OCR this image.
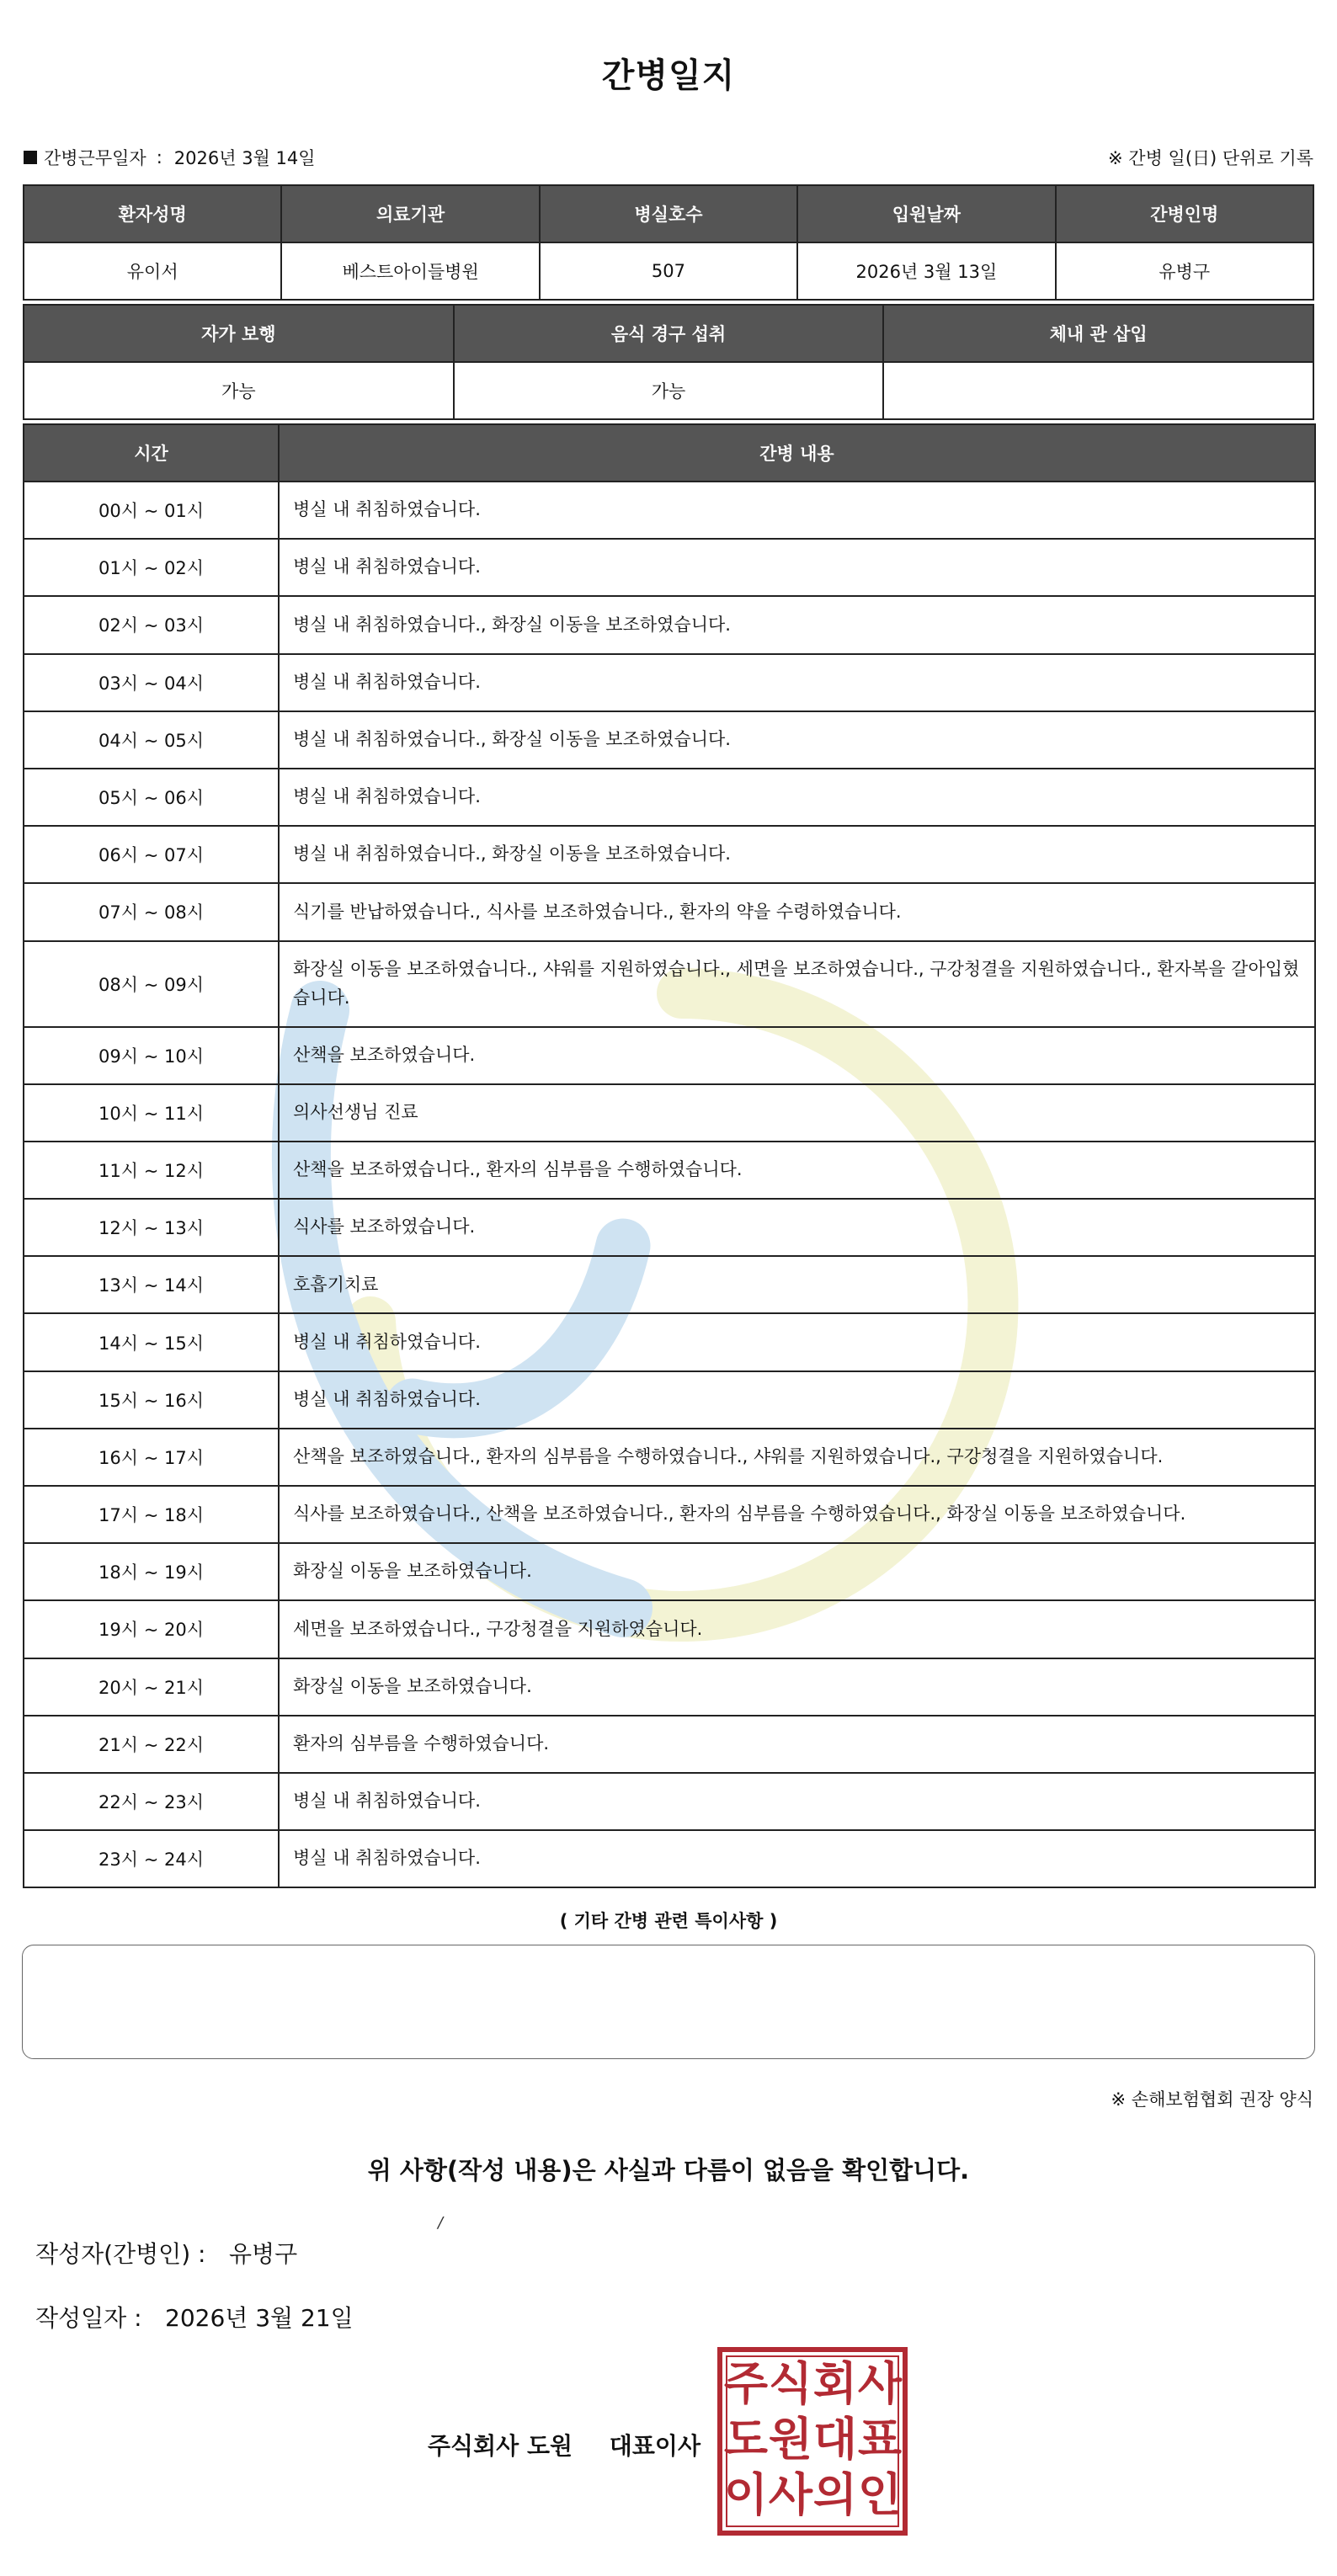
간병일지
간병근무일자 : 2026년 3월 14일	※ 간병 일(日) 단위로 기록
환자성명	의료기관	병실호수	입원날짜	간병인명
유이서	베스트아이들병원	507	2026년 3월 13일	유병구
자가 보행	음식 경구 섭취	체내 관 삽입
가능	가능	
시간	간병 내용
00시 ~ 01시	병실 내 취침하였습니다.
01시 ~ 02시	병실 내 취침하였습니다.
02시 ~ 03시	병실 내 취침하였습니다., 화장실 이동을 보조하였습니다.
03시 ~ 04시	병실 내 취침하였습니다.
04시 ~ 05시	병실 내 취침하였습니다., 화장실 이동을 보조하였습니다.
05시 ~ 06시	병실 내 취침하였습니다.
06시 ~ 07시	병실 내 취침하였습니다., 화장실 이동을 보조하였습니다.
07시 ~ 08시	식기를 반납하였습니다., 식사를 보조하였습니다., 환자의 약을 수령하였습니다.
08시 ~ 09시	화장실 이동을 보조하였습니다., 샤워를 지원하였습니다., 세면을 보조하였습니다., 구강청결을 지원하였습니다., 환자복을 갈아입혔습니다.
09시 ~ 10시	산책을 보조하였습니다.
10시 ~ 11시	의사선생님 진료
11시 ~ 12시	산책을 보조하였습니다., 환자의 심부름을 수행하였습니다.
12시 ~ 13시	식사를 보조하였습니다.
13시 ~ 14시	호흡기치료
14시 ~ 15시	병실 내 취침하였습니다.
15시 ~ 16시	병실 내 취침하였습니다.
16시 ~ 17시	산책을 보조하였습니다., 환자의 심부름을 수행하였습니다., 샤워를 지원하였습니다., 구강청결을 지원하였습니다.
17시 ~ 18시	식사를 보조하였습니다., 산책을 보조하였습니다., 환자의 심부름을 수행하였습니다., 화장실 이동을 보조하였습니다.
18시 ~ 19시	화장실 이동을 보조하였습니다.
19시 ~ 20시	세면을 보조하였습니다., 구강청결을 지원하였습니다.
20시 ~ 21시	화장실 이동을 보조하였습니다.
21시 ~ 22시	환자의 심부름을 수행하였습니다.
22시 ~ 23시	병실 내 취침하였습니다.
23시 ~ 24시	병실 내 취침하였습니다.
( 기타 간병 관련 특이사항 )
※ 손해보험협회 권장 양식
위 사항(작성 내용)은 사실과 다름이 없음을 확인합니다.
작성자(간병인) : 유병구
/
작성일자 : 2026년 3월 21일
주식회사 도원 대표이사
주 식 회 사
도 원 대 표
이 사 의 인
